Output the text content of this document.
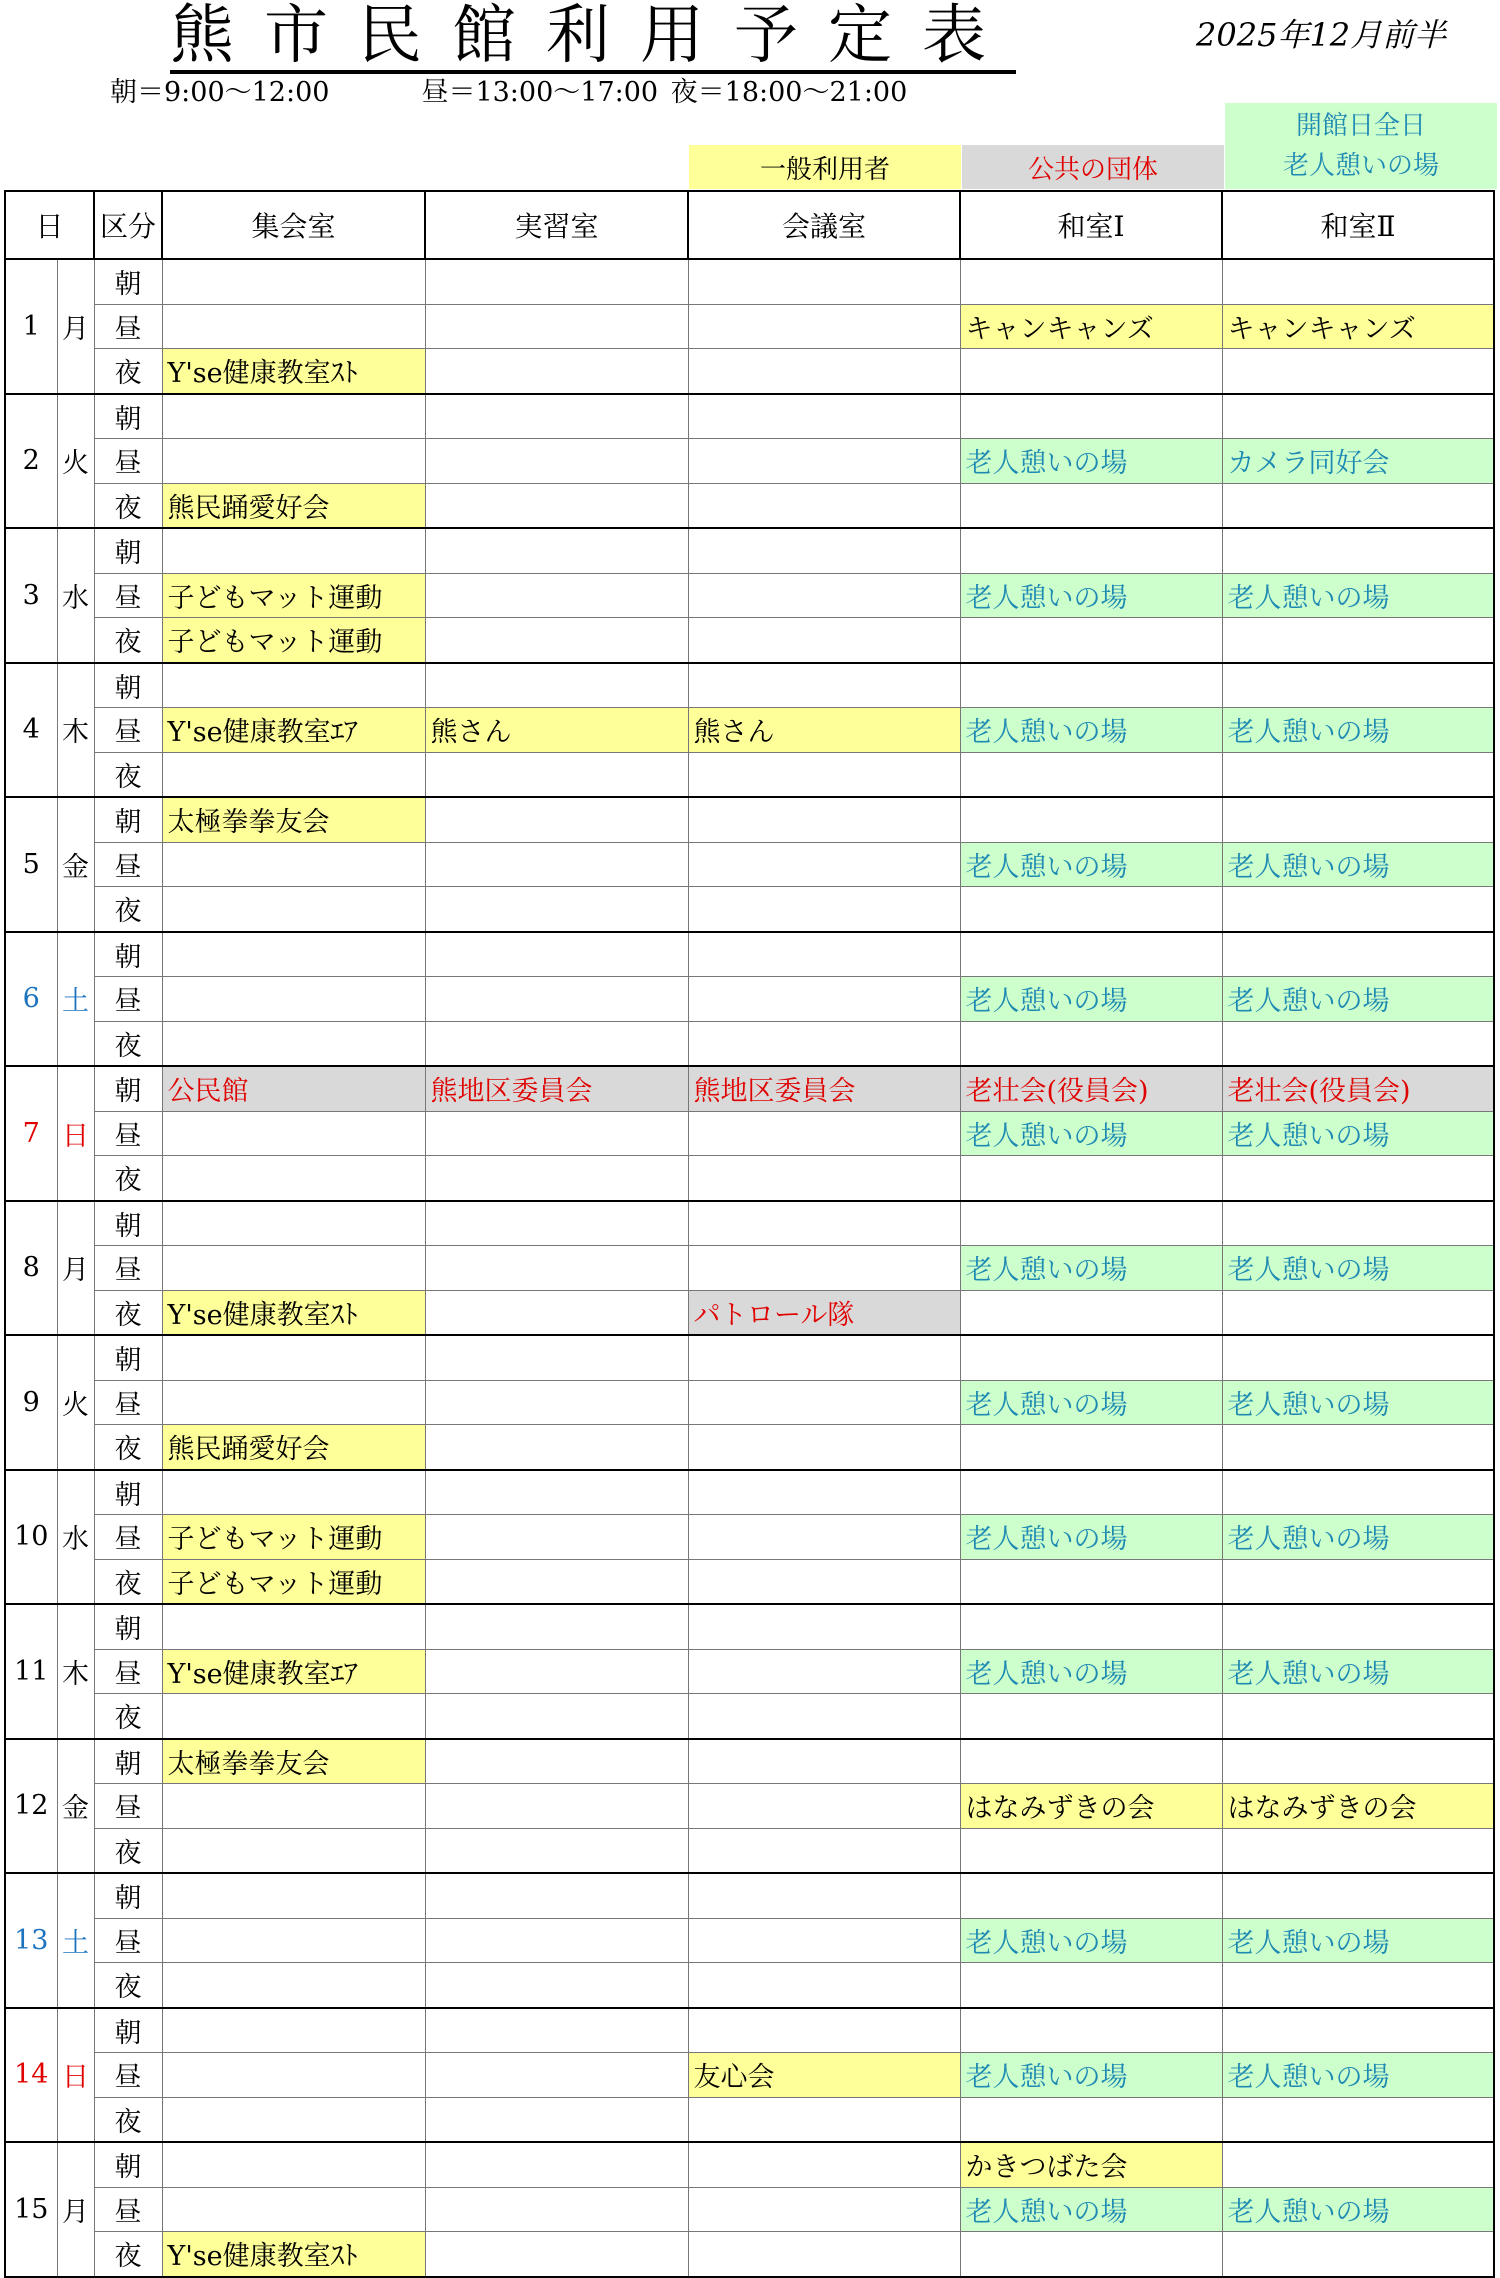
熊市民館利用予定表	2025年12月前半
朝＝9:00～12:00	昼＝13:00～17:00 夜＝18:00～21:00
一般利用者	公共の団体
開館日全日
老人憩いの場
日		区分	集会室	実習室	会議室	和室Ⅰ	和室Ⅱ
1	月	朝					
		昼				キャンキャンズ	キャンキャンズ
		夜	Y'se健康教室ｽﾄ				
2	火	朝					
		昼				老人憩いの場	カメラ同好会
		夜	熊民踊愛好会				
3	水	朝					
		昼	子どもマット運動			老人憩いの場	老人憩いの場
		夜	子どもマット運動				
4	木	朝					
		昼	Y'se健康教室ｴｱ	熊さん	熊さん	老人憩いの場	老人憩いの場
		夜					
5	金	朝	太極拳拳友会				
		昼				老人憩いの場	老人憩いの場
		夜					
6	土	朝					
		昼				老人憩いの場	老人憩いの場
		夜					
7	日	朝	公民館	熊地区委員会	熊地区委員会	老壮会(役員会)	老壮会(役員会)
		昼				老人憩いの場	老人憩いの場
		夜					
8	月	朝					
		昼				老人憩いの場	老人憩いの場
		夜	Y'se健康教室ｽﾄ		パトロール隊		
9	火	朝					
		昼				老人憩いの場	老人憩いの場
		夜	熊民踊愛好会				
10	水	朝					
		昼	子どもマット運動			老人憩いの場	老人憩いの場
		夜	子どもマット運動				
11	木	朝					
		昼	Y'se健康教室ｴｱ			老人憩いの場	老人憩いの場
		夜					
12	金	朝	太極拳拳友会				
		昼				はなみずきの会	はなみずきの会
		夜					
13	土	朝					
		昼				老人憩いの場	老人憩いの場
		夜					
14	日	朝					
		昼			友心会	老人憩いの場	老人憩いの場
		夜					
15	月	朝				かきつばた会	
		昼				老人憩いの場	老人憩いの場
		夜	Y'se健康教室ｽﾄ				
